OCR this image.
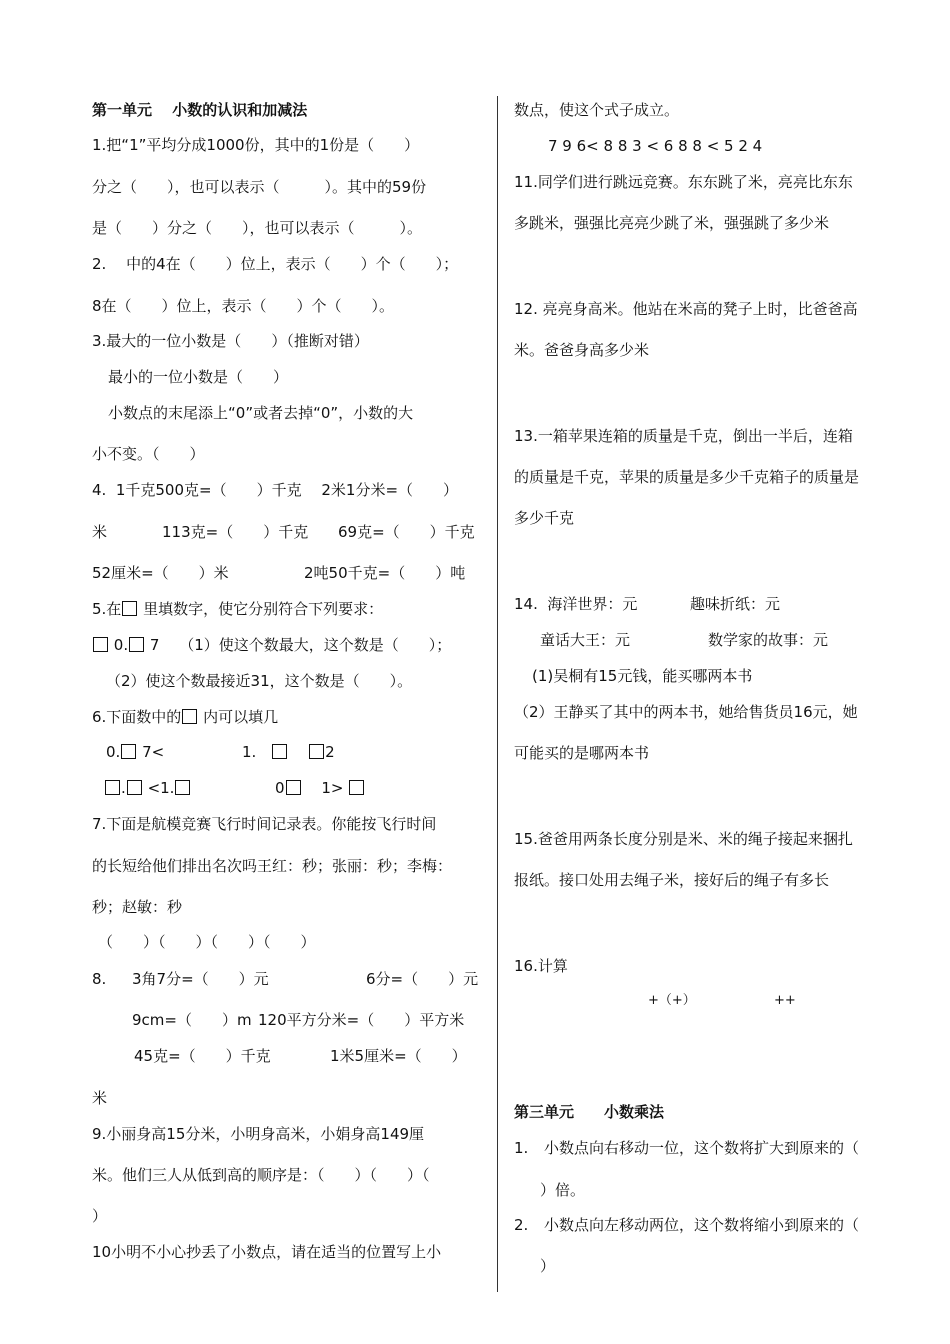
第一单元　 小数的认识和加减法
1.把“1”平均分成1000份，其中的1份是（　　）
分之（　　），也可以表示（　　　）。其中的59份
是（　　）分之（　　），也可以表示（　　　）。
2.　 中的4在（　　）位上，表示（　　）个（　　）；
8在（　　）位上，表示（　　）个（　　）。
3.最大的一位小数是（　　）（推断对错）
最小的一位小数是（　　）
小数点的末尾添上“0”或者去掉“0”，小数的大
小不变。（　　）
4.  1千克500克=（　　）千克　 2米1分米=（　　）
米	113克=（　　）千克 69克=（　　）千克
52厘米=（　　）米	2吨50千克=（　　）吨
5.在 里填数字，使它分别符合下列要求：
0. 7　 （1）使这个数最大，这个数是（　　）；
（2）使这个数最接近31，这个数是（　　）。
6.下面数中的 内可以填几
0. 7<	1.　　	2
. <1.	0　 1>
7.下面是航模竞赛飞行时间记录表。你能按飞行时间
的长短给他们排出名次吗王红：秒；张丽：秒；李梅：
秒；赵敏：秒
（　　）（　　）（　　）（　　）
8. 3角7分=（　　）元	6分=（　　）元
9cm=（　　）m 120平方分米=（　　）平方米
45克=（　　）千克	1米5厘米=（　　）
米
9.小丽身高15分米，小明身高米，小娟身高149厘
米。他们三人从低到高的顺序是：（　　）（　　）（
）
10小明不小心抄丢了小数点，请在适当的位置写上小
数点，使这个式子成立。
7 9 6< 8 8 3 < 6 8 8 < 5 2 4
11.同学们进行跳远竞赛。东东跳了米，亮亮比东东
多跳米，强强比亮亮少跳了米，强强跳了多少米
12. 亮亮身高米。他站在米高的凳子上时，比爸爸高
米。爸爸身高多少米
13.一箱苹果连箱的质量是千克，倒出一半后，连箱
的质量是千克，苹果的质量是多少千克箱子的质量是
多少千克
14.  海洋世界：元	趣味折纸：元
童话大王：元	数学家的故事：元
(1)吴桐有15元钱，能买哪两本书
（2）王静买了其中的两本书，她给售货员16元，她
可能买的是哪两本书
15.爸爸用两条长度分别是米、米的绳子接起来捆扎
报纸。接口处用去绳子米，接好后的绳子有多长
16.计算
+（+）	++
第三单元　　小数乘法
1. 小数点向右移动一位，这个数将扩大到原来的（
）倍。
2. 小数点向左移动两位，这个数将缩小到原来的（
）
